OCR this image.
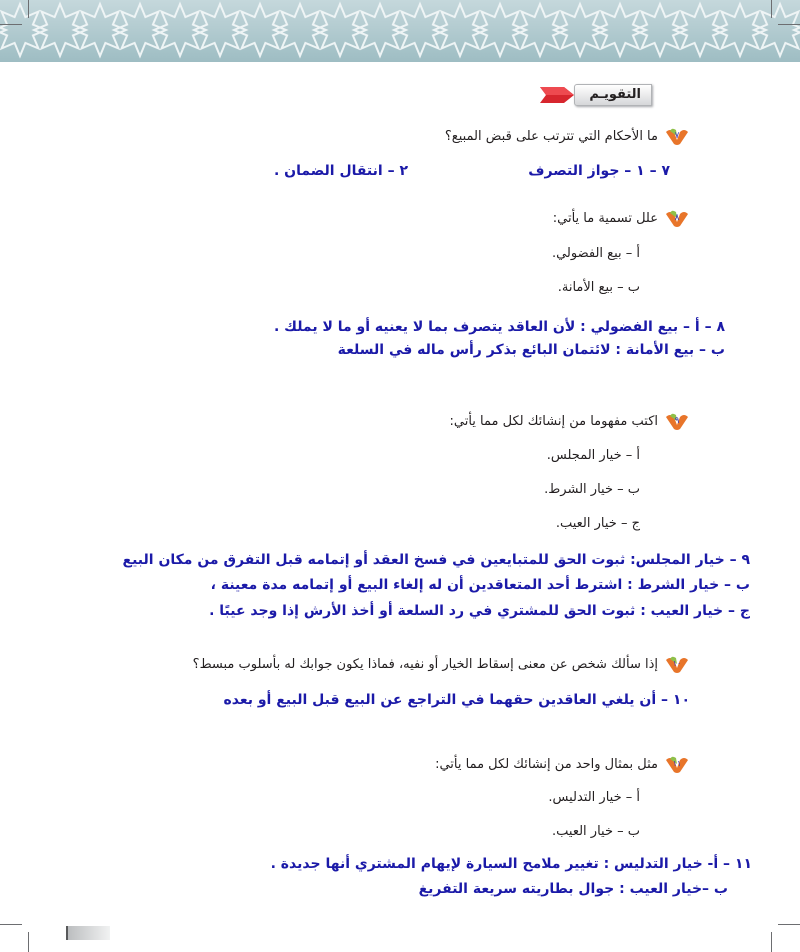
التقويـم
٧
ما الأحكام التي تترتب على قبض المبيع؟
٧ – ١ – جواز التصرف
٢ – انتقال الضمان .
٨
علل تسمية ما يأتي:
أ – بيع الفضولي.
ب – بيع الأمانة.
٨ – أ – بيع الفضولي : لأن العاقد يتصرف بما لا يعنيه أو ما لا يملك .
ب – بيع الأمانة : لائتمان البائع بذكر رأس ماله في السلعة
٩
اكتب مفهوما من إنشائك لكل مما يأتي:
أ – خيار المجلس.
ب – خيار الشرط.
ج – خيار العيب.
٩ – خيار المجلس: ثبوت الحق للمتبايعين في فسخ العقد أو إتمامه قبل التفرق من مكان البيع
ب – خيار الشرط : اشترط أحد المتعاقدين أن له إلغاء البيع أو إتمامه مدة معينة ،
ج – خيار العيب : ثبوت الحق للمشتري في رد السلعة أو أخذ الأرش إذا وجد عيبًا .
١٠
إذا سألك شخص عن معنى إسقاط الخيار أو نفيه، فماذا يكون جوابك له بأسلوب مبسط؟
١٠ – أن يلغي العاقدين حقهما في التراجع عن البيع قبل البيع أو بعده
١١
مثل بمثال واحد من إنشائك لكل مما يأتي:
أ – خيار التدليس.
ب – خيار العيب.
١١ – أ- خيار التدليس : تغيير ملامح السيارة لإيهام المشتري أنها جديدة .
ب –خيار العيب : جوال بطاريته سريعة التفريغ
